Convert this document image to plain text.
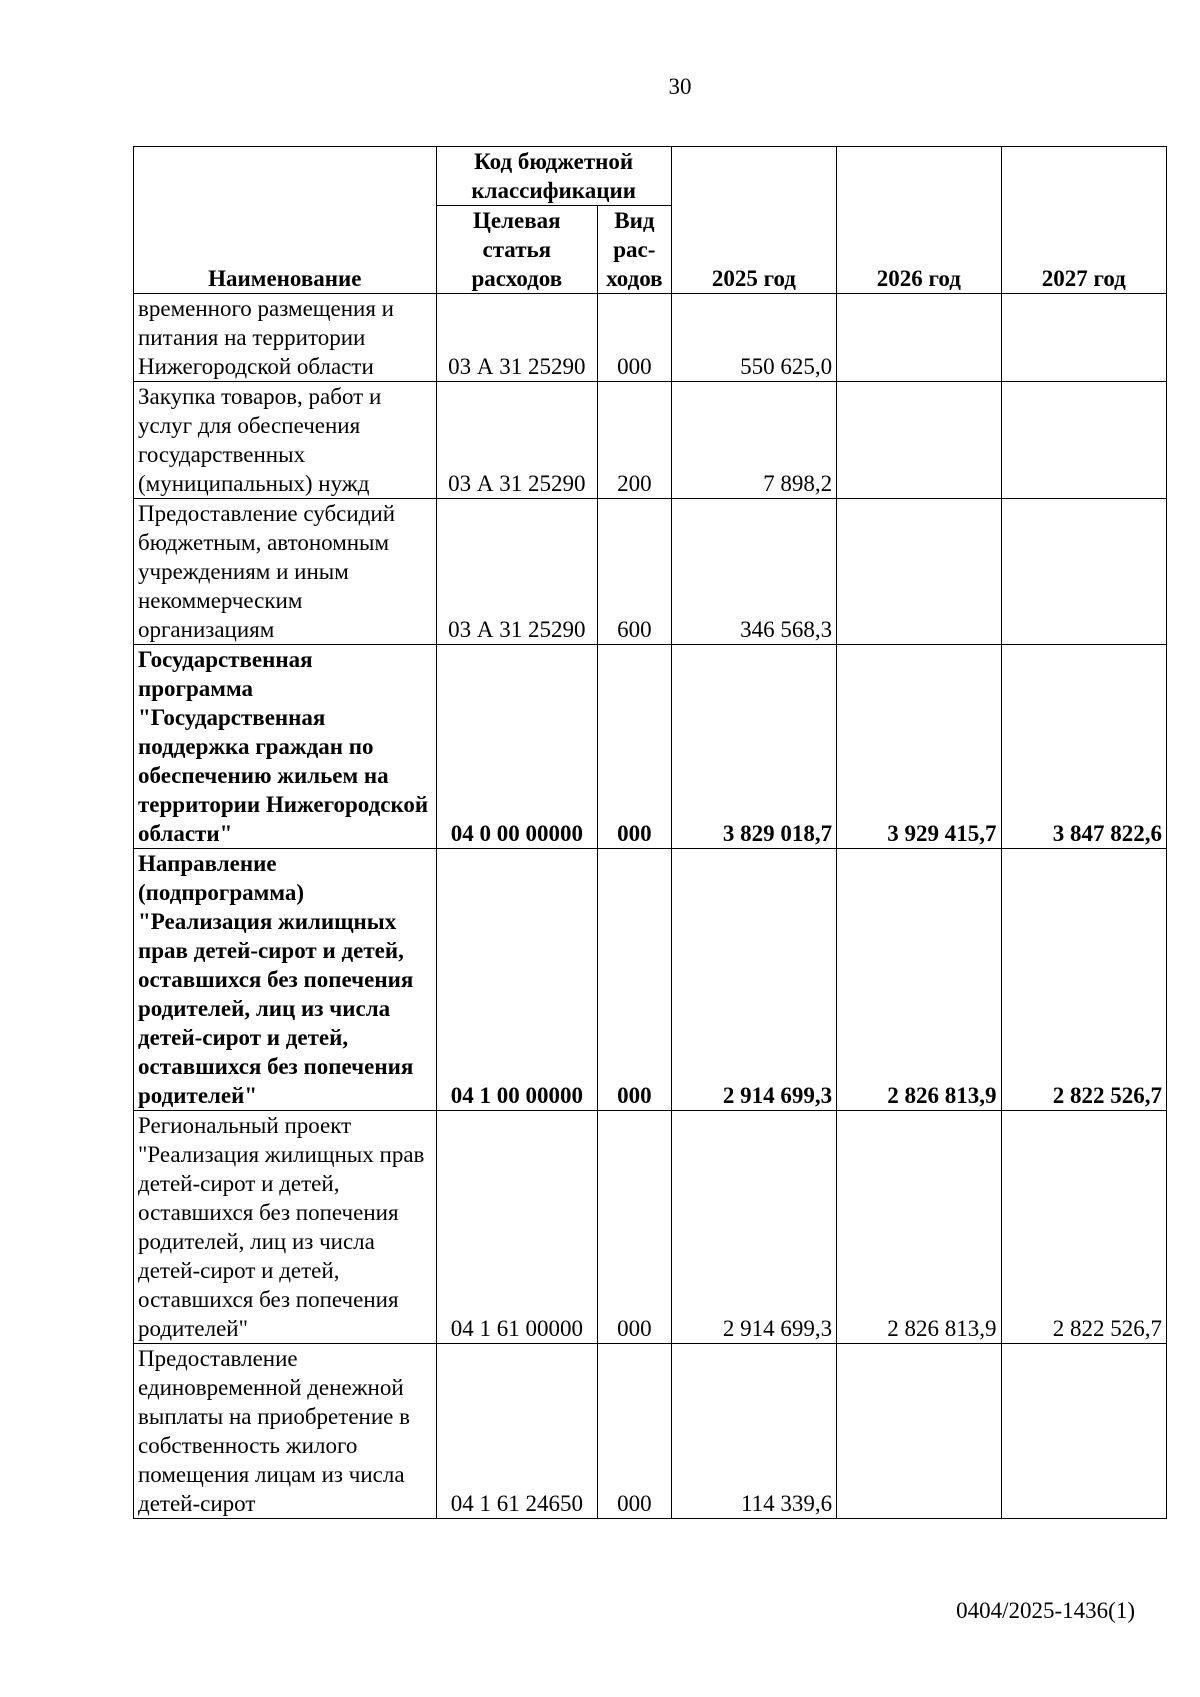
30
Наименование	Код бюджетной классификации		2025 год	2026 год	2027 год
	Целевая статья расходов	Вид рас-ходов			
временного размещения и питания на территории Нижегородской области	03 А 31 25290	000	550 625,0		
Закупка товаров, работ и услуг для обеспечения государственных (муниципальных) нужд	03 А 31 25290	200	7 898,2		
Предоставление субсидий бюджетным, автономным учреждениям и иным некоммерческим организациям	03 А 31 25290	600	346 568,3		
Государственная программа "Государственная поддержка граждан по обеспечению жильем на территории Нижегородской области"	04 0 00 00000	000	3 829 018,7	3 929 415,7	3 847 822,6
Направление (подпрограмма) "Реализация жилищных прав детей-сирот и детей, оставшихся без попечения родителей, лиц из числа детей-сирот и детей, оставшихся без попечения родителей"	04 1 00 00000	000	2 914 699,3	2 826 813,9	2 822 526,7
Региональный проект "Реализация жилищных прав детей-сирот и детей, оставшихся без попечения родителей, лиц из числа детей-сирот и детей, оставшихся без попечения родителей"	04 1 61 00000	000	2 914 699,3	2 826 813,9	2 822 526,7
Предоставление единовременной денежной выплаты на приобретение в собственность жилого помещения лицам из числа детей-сирот	04 1 61 24650	000	114 339,6		
0404/2025-1436(1)
